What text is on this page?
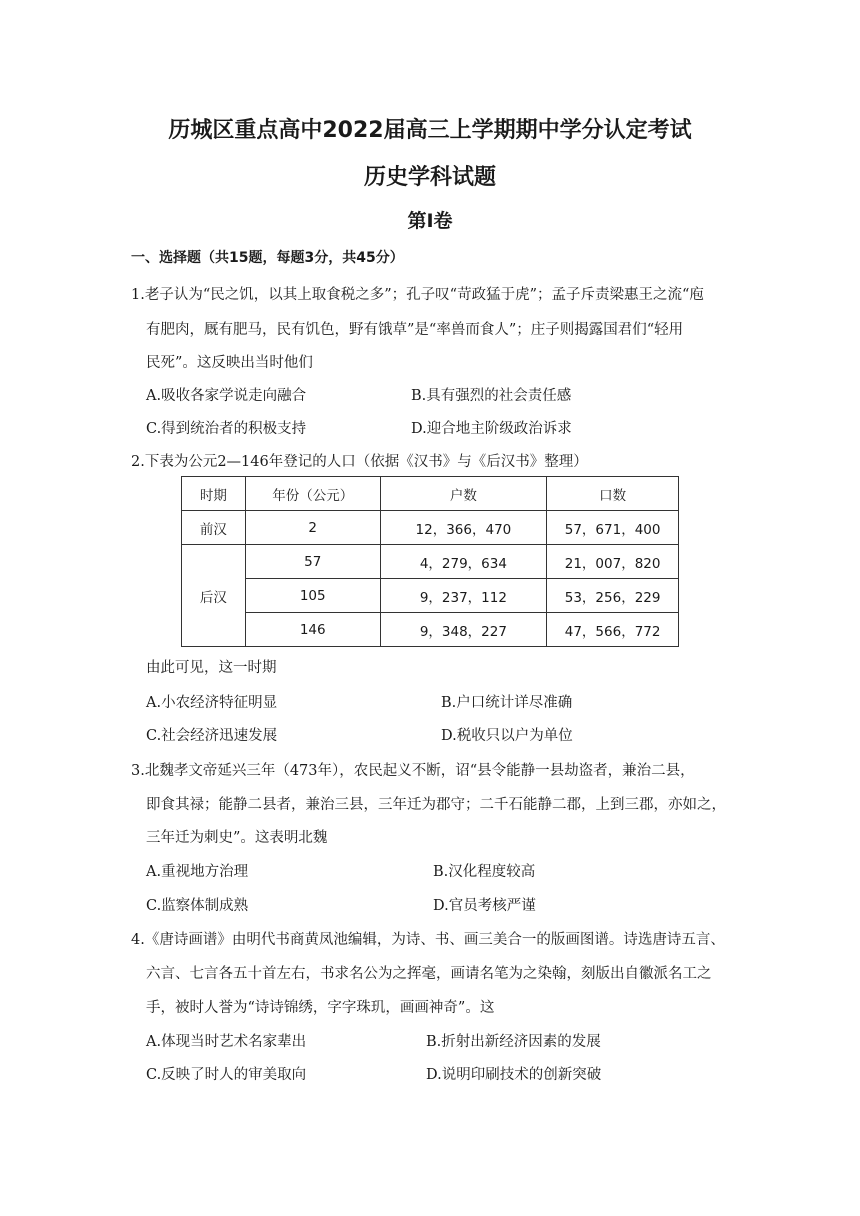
历城区重点高中2022届高三上学期期中学分认定考试
历史学科试题
第Ⅰ卷
一、选择题（共15题，每题3分，共45分）
1.老子认为“民之饥，以其上取食税之多”；孔子叹“苛政猛于虎”；孟子斥责梁惠王之流“庖
有肥肉，厩有肥马，民有饥色，野有饿草”是“率兽而食人”；庄子则揭露国君们“轻用
民死”。这反映出当时他们
A.吸收各家学说走向融合	B.具有强烈的社会责任感
C.得到统治者的积极支持	D.迎合地主阶级政治诉求
2.下表为公元2—146年登记的人口（依据《汉书》与《后汉书》整理）
时期	年份（公元）	户数	口数
前汉	2	12，366，470	57，671，400
后汉	57	4，279，634	21，007，820
	105	9，237，112	53，256，229
	146	9，348，227	47，566，772
由此可见，这一时期
A.小农经济特征明显	B.户口统计详尽准确
C.社会经济迅速发展	D.税收只以户为单位
3.北魏孝文帝延兴三年（473年），农民起义不断，诏“县令能静一县劫盗者，兼治二县，
即食其禄；能静二县者，兼治三县，三年迁为郡守；二千石能静二郡，上到三郡，亦如之，
三年迁为刺史”。这表明北魏
A.重视地方治理	B.汉化程度较高
C.监察体制成熟	D.官员考核严谨
4.《唐诗画谱》由明代书商黄凤池编辑，为诗、书、画三美合一的版画图谱。诗选唐诗五言、
六言、七言各五十首左右，书求名公为之挥毫，画请名笔为之染翰，刻版出自徽派名工之
手，被时人誉为“诗诗锦绣，字字珠玑，画画神奇”。这
A.体现当时艺术名家辈出	B.折射出新经济因素的发展
C.反映了时人的审美取向	D.说明印刷技术的创新突破
